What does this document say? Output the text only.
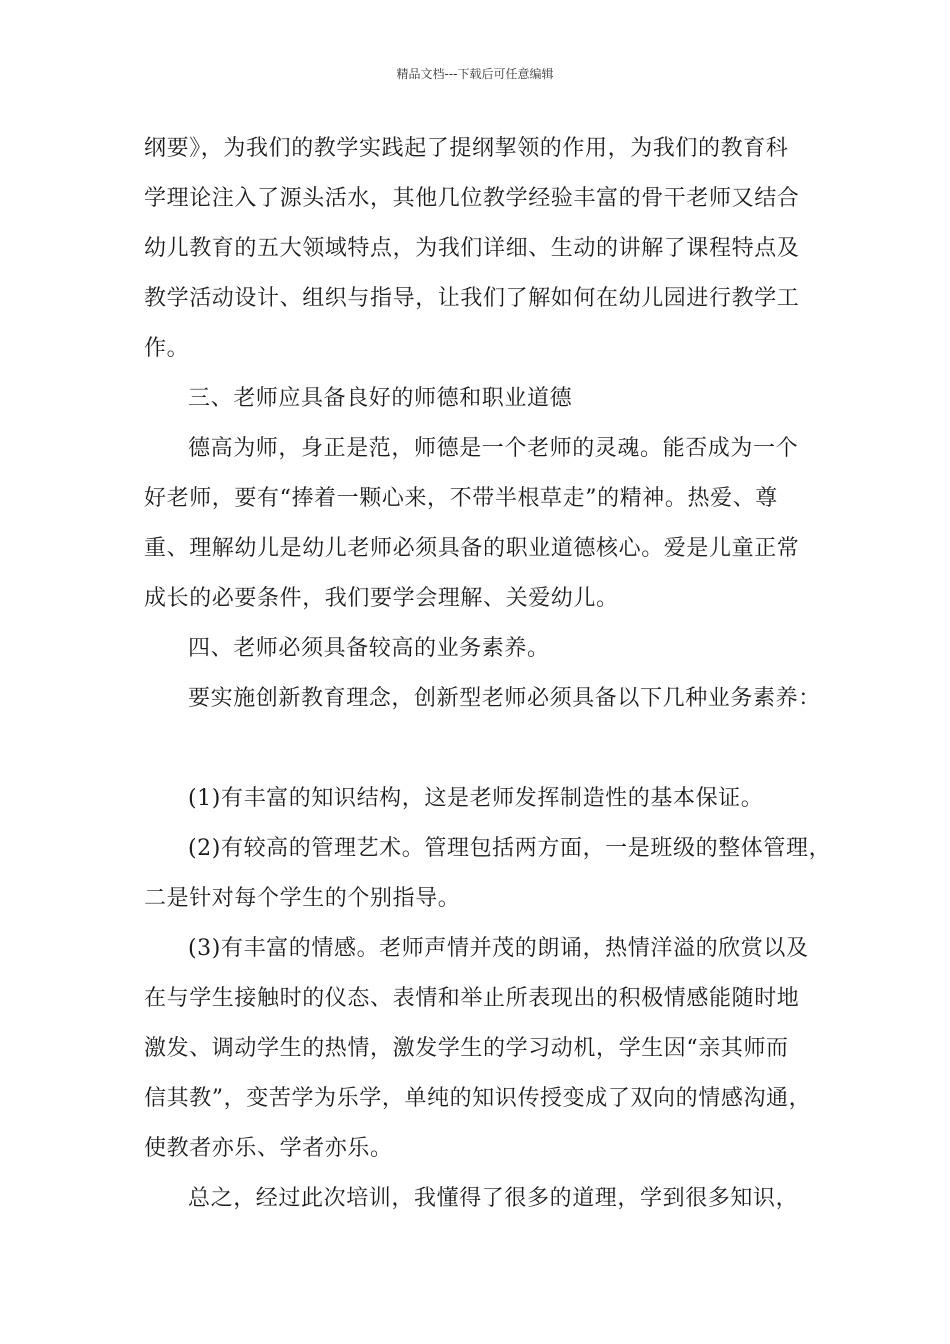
精品文档---下载后可任意编辑
纲要》，为我们的教学实践起了提纲挈领的作用，为我们的教育科
学理论注入了源头活水，其他几位教学经验丰富的骨干老师又结合
幼儿教育的五大领域特点，为我们详细、生动的讲解了课程特点及
教学活动设计、组织与指导，让我们了解如何在幼儿园进行教学工
作。
三、老师应具备良好的师德和职业道德
德高为师，身正是范，师德是一个老师的灵魂。能否成为一个
好老师，要有“捧着一颗心来，不带半根草走”的精神。热爱、尊
重、理解幼儿是幼儿老师必须具备的职业道德核心。爱是儿童正常
成长的必要条件，我们要学会理解、关爱幼儿。
四、老师必须具备较高的业务素养。
要实施创新教育理念，创新型老师必须具备以下几种业务素养：
(1)有丰富的知识结构，这是老师发挥制造性的基本保证。
(2)有较高的管理艺术。管理包括两方面，一是班级的整体管理，
二是针对每个学生的个别指导。
(3)有丰富的情感。老师声情并茂的朗诵，热情洋溢的欣赏以及
在与学生接触时的仪态、表情和举止所表现出的积极情感能随时地
激发、调动学生的热情，激发学生的学习动机，学生因“亲其师而
信其教”，变苦学为乐学，单纯的知识传授变成了双向的情感沟通，
使教者亦乐、学者亦乐。
总之，经过此次培训，我懂得了很多的道理，学到很多知识，
